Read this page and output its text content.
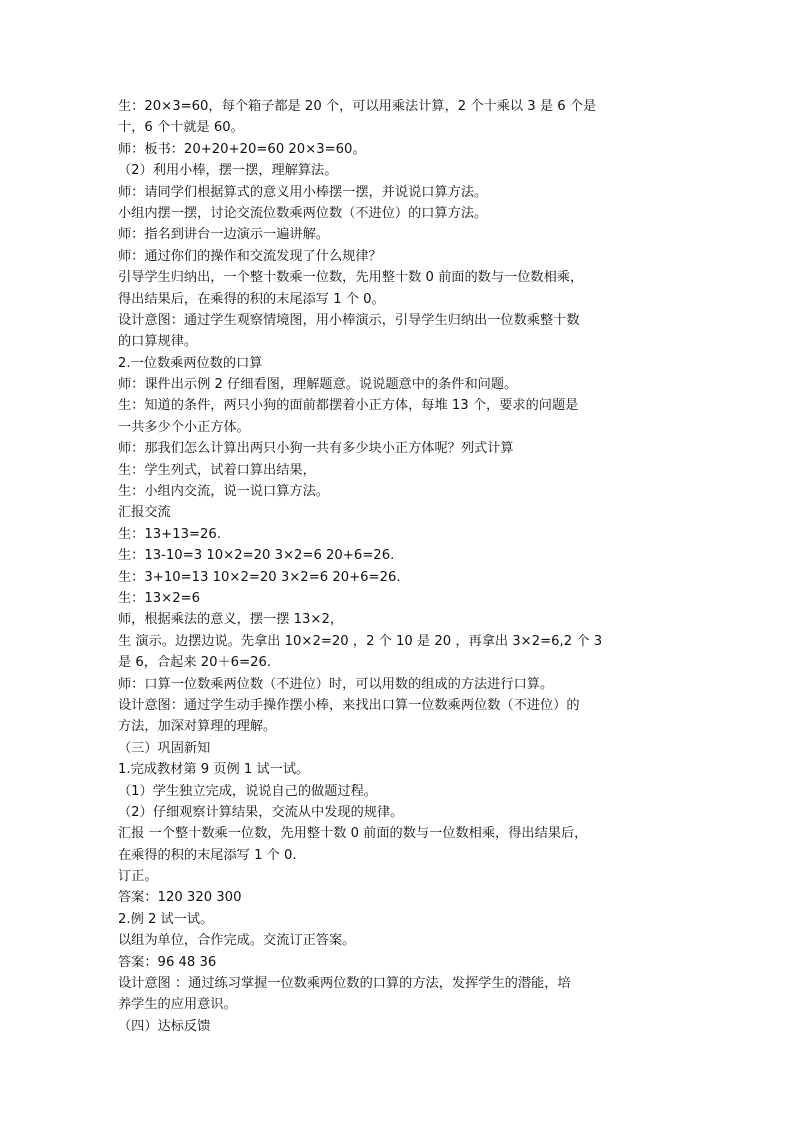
生：20×3=60，每个箱子都是 20 个，可以用乘法计算，2 个十乘以 3 是 6 个是
十，6 个十就是 60。
师：板书：20+20+20=60 20×3=60。
（2）利用小棒，摆一摆，理解算法。
师：请同学们根据算式的意义用小棒摆一摆，并说说口算方法。
小组内摆一摆，讨论交流位数乘两位数（不进位）的口算方法。
师：指名到讲台一边演示一遍讲解。
师：通过你们的操作和交流发现了什么规律？
引导学生归纳出，一个整十数乘一位数，先用整十数 0 前面的数与一位数相乘，
得出结果后，在乘得的积的末尾添写 1 个 0。
设计意图：通过学生观察情境图，用小棒演示，引导学生归纳出一位数乘整十数
的口算规律。
2.一位数乘两位数的口算
师：课件出示例 2 仔细看图，理解题意。说说题意中的条件和问题。
生：知道的条件，两只小狗的面前都摆着小正方体，每堆 13 个，要求的问题是
一共多少个小正方体。
师：那我们怎么计算出两只小狗一共有多少块小正方体呢？列式计算
生：学生列式，试着口算出结果，
生：小组内交流，说一说口算方法。
汇报交流
生：13+13=26.
生：13-10=3 10×2=20 3×2=6 20+6=26.
生：3+10=13 10×2=20 3×2=6 20+6=26.
生：13×2=6
师，根据乘法的意义，摆一摆 13×2，
生 演示。边摆边说。先拿出 10×2=20 ，2 个 10 是 20 ，再拿出 3×2=6,2 个 3
是 6，合起来 20＋6=26.
师：口算一位数乘两位数（不进位）时，可以用数的组成的方法进行口算。
设计意图：通过学生动手操作摆小棒，来找出口算一位数乘两位数（不进位）的
方法，加深对算理的理解。
（三）巩固新知
1.完成教材第 9 页例 1 试一试。
（1）学生独立完成，说说自己的做题过程。
（2）仔细观察计算结果，交流从中发现的规律。
汇报 一个整十数乘一位数，先用整十数 0 前面的数与一位数相乘，得出结果后，
在乘得的积的末尾添写 1 个 0.
订正。
答案：120 320 300
2.例 2 试一试。
以组为单位，合作完成。交流订正答案。
答案：96 48 36
设计意图 ：通过练习掌握一位数乘两位数的口算的方法，发挥学生的潜能，培
养学生的应用意识。
（四）达标反馈
